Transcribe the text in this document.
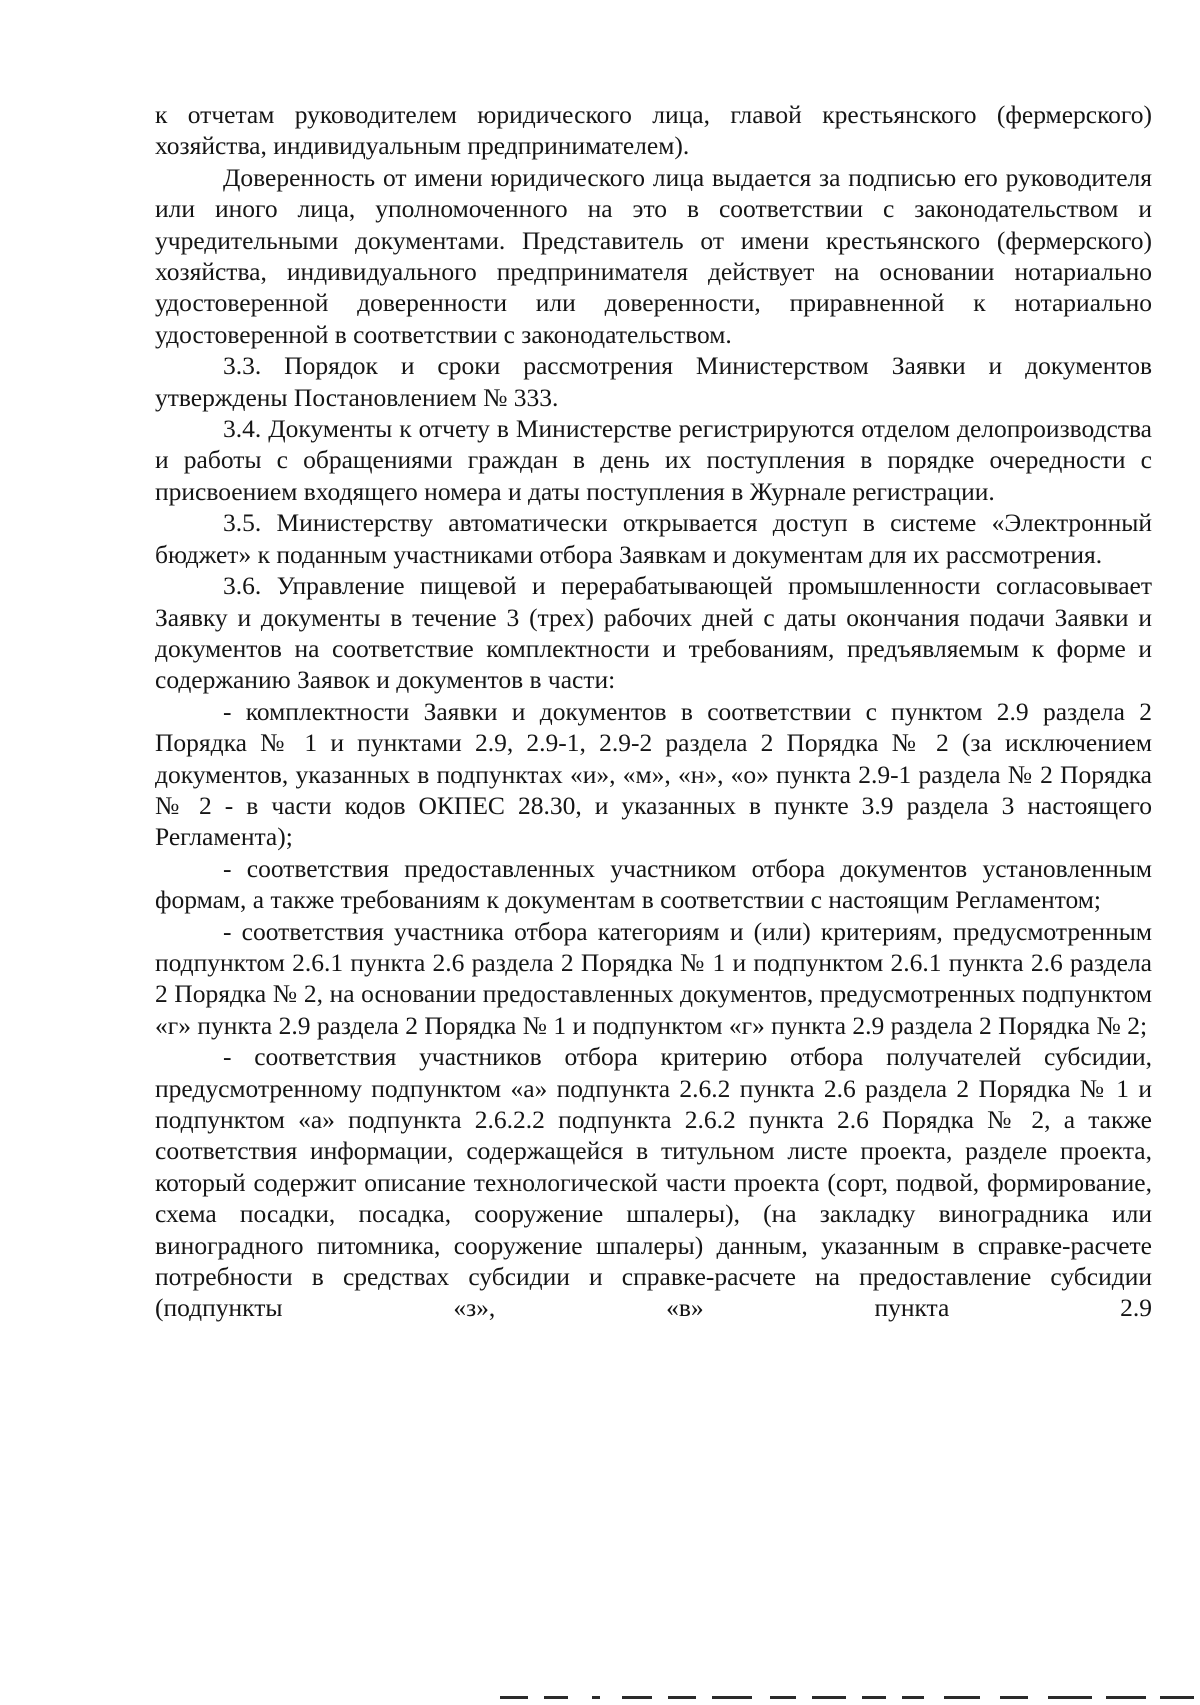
к отчетам руководителем юридического лица, главой крестьянского (фермерского) хозяйства, индивидуальным предпринимателем).

Доверенность от имени юридического лица выдается за подписью его руководителя или иного лица, уполномоченного на это в соответствии с законодательством и учредительными документами. Представитель от имени крестьянского (фермерского) хозяйства, индивидуального предпринимателя действует на основании нотариально удостоверенной доверенности или доверенности, приравненной к нотариально удостоверенной в соответствии с законодательством.

3.3. Порядок и сроки рассмотрения Министерством Заявки и документов утверждены Постановлением № 333.

3.4. Документы к отчету в Министерстве регистрируются отделом делопроизводства и работы с обращениями граждан в день их поступления в порядке очередности с присвоением входящего номера и даты поступления в Журнале регистрации.

3.5. Министерству автоматически открывается доступ в системе «Электронный бюджет» к поданным участниками отбора Заявкам и документам для их рассмотрения.

3.6. Управление пищевой и перерабатывающей промышленности согласовывает Заявку и документы в течение 3 (трех) рабочих дней с даты окончания подачи Заявки и документов на соответствие комплектности и требованиям, предъявляемым к форме и содержанию Заявок и документов в части:

- комплектности Заявки и документов в соответствии с пунктом 2.9 раздела 2 Порядка № 1 и пунктами 2.9, 2.9-1, 2.9-2 раздела 2 Порядка № 2 (за исключением документов, указанных в подпунктах «и», «м», «н», «о» пункта 2.9-1 раздела № 2 Порядка № 2 - в части кодов ОКПЕС 28.30, и указанных в пункте 3.9 раздела 3 настоящего Регламента);

- соответствия предоставленных участником отбора документов установленным формам, а также требованиям к документам в соответствии с настоящим Регламентом;

- соответствия участника отбора категориям и (или) критериям, предусмотренным подпунктом 2.6.1 пункта 2.6 раздела 2 Порядка № 1 и подпунктом 2.6.1 пункта 2.6 раздела 2 Порядка № 2, на основании предоставленных документов, предусмотренных подпунктом «г» пункта 2.9 раздела 2 Порядка № 1 и подпунктом «г» пункта 2.9 раздела 2 Порядка № 2;

- соответствия участников отбора критерию отбора получателей субсидии, предусмотренному подпунктом «а» подпункта 2.6.2 пункта 2.6 раздела 2 Порядка № 1 и подпунктом «а» подпункта 2.6.2.2 подпункта 2.6.2 пункта 2.6 Порядка № 2, а также соответствия информации, содержащейся в титульном листе проекта, разделе проекта, который содержит описание технологической части проекта (сорт, подвой, формирование, схема посадки, посадка, сооружение шпалеры), (на закладку виноградника или виноградного питомника, сооружение шпалеры) данным, указанным в справке-расчете потребности в средствах субсидии и справке-расчете на предоставление субсидии (подпункты «з», «в» пункта 2.9
